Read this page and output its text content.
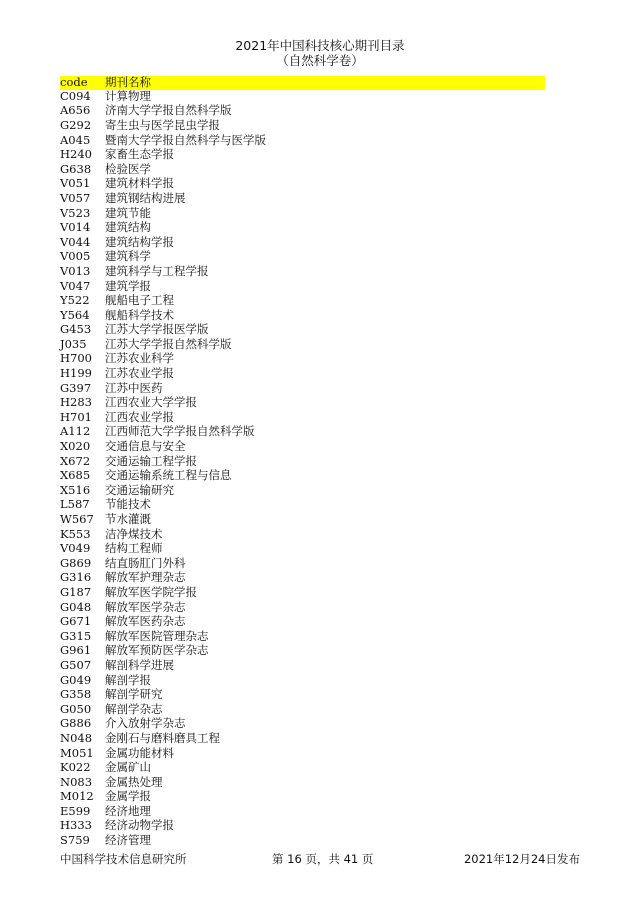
2021年中国科技核心期刊目录
（自然科学卷）
code	期刊名称
C094	计算物理
A656	济南大学学报自然科学版
G292	寄生虫与医学昆虫学报
A045	暨南大学学报自然科学与医学版
H240	家畜生态学报
G638	检验医学
V051	建筑材料学报
V057	建筑钢结构进展
V523	建筑节能
V014	建筑结构
V044	建筑结构学报
V005	建筑科学
V013	建筑科学与工程学报
V047	建筑学报
Y522	舰船电子工程
Y564	舰船科学技术
G453	江苏大学学报医学版
J035	江苏大学学报自然科学版
H700	江苏农业科学
H199	江苏农业学报
G397	江苏中医药
H283	江西农业大学学报
H701	江西农业学报
A112	江西师范大学学报自然科学版
X020	交通信息与安全
X672	交通运输工程学报
X685	交通运输系统工程与信息
X516	交通运输研究
L587	节能技术
W567 节水灌溉
K553	洁净煤技术
V049	结构工程师
G869	结直肠肛门外科
G316	解放军护理杂志
G187	解放军医学院学报
G048	解放军医学杂志
G671	解放军医药杂志
G315	解放军医院管理杂志
G961	解放军预防医学杂志
G507	解剖科学进展
G049	解剖学报
G358	解剖学研究
G050	解剖学杂志
G886	介入放射学杂志
N048	金刚石与磨料磨具工程
M051 金属功能材料
K022	金属矿山
N083	金属热处理
M012 金属学报
E599	经济地理
H333	经济动物学报
S759	经济管理
中国科学技术信息研究所	第 16 页，共 41 页	2021年12月24日发布
